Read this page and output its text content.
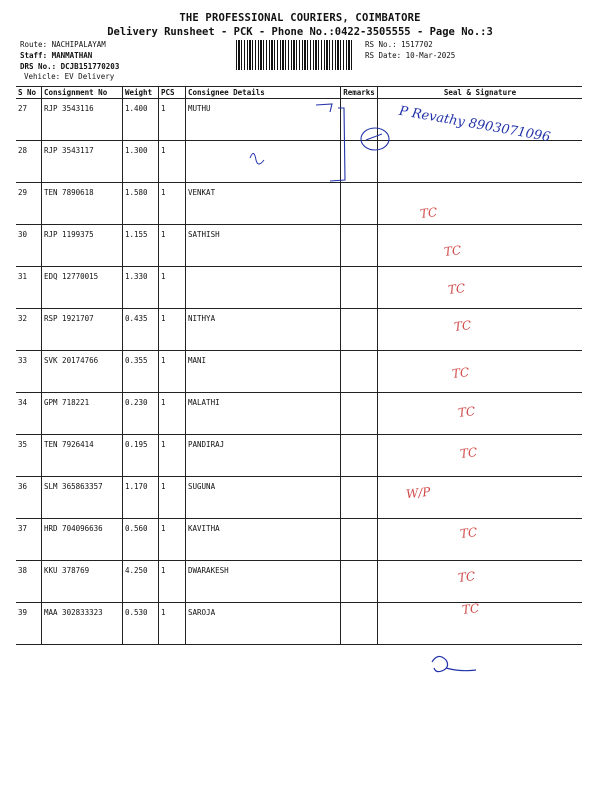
THE PROFESSIONAL COURIERS, COIMBATORE
Delivery Runsheet - PCK - Phone No.:0422-3505555 - Page No.:3
Route: NACHIPALAYAM
Staff: MANMATHAN
DRS No.: DCJB151770203
Vehicle: EV Delivery
RS No.: 1517702
RS Date: 10-Mar-2025
S No	Consignment No	Weight	PCS	Consignee Details	Remarks	Seal & Signature
27	RJP 3543116	1.400	1	MUTHU		
28	RJP 3543117	1.300	1			
29	TEN 7890618	1.580	1	VENKAT		
30	RJP 1199375	1.155	1	SATHISH		
31	EDQ 12770015	1.330	1			
32	RSP 1921707	0.435	1	NITHYA		
33	SVK 20174766	0.355	1	MANI		
34	GPM 718221	0.230	1	MALATHI		
35	TEN 7926414	0.195	1	PANDIRAJ		
36	SLM 365863357	1.170	1	SUGUNA		
37	HRD 704096636	0.560	1	KAVITHA		
38	KKU 378769	4.250	1	DWARAKESH		
39	MAA 302833323	0.530	1	SAROJA		
P Revathy 8903071096
W/P
TC
TC
TC
TC
TC
TC
TC
TC
TC
TC
